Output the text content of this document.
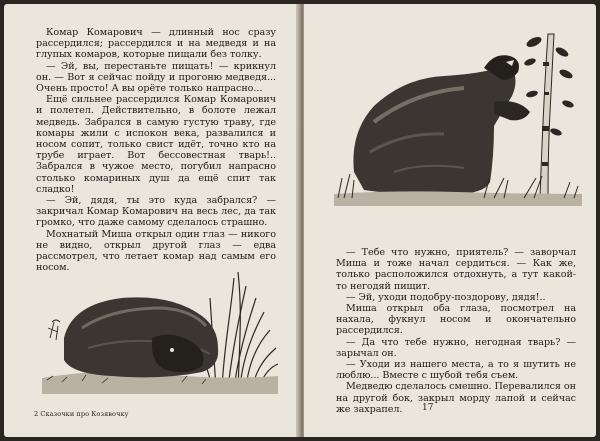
Комар Комарович — длинный нос сразу рассердился; рассердился и на медведя и на глупых комаров, которые пищали без толку.

— Эй, вы, перестаньте пищать! — крикнул он. — Вот я сейчас пойду и прогоню медведя... Очень просто! А вы орёте только напрасно...

Ещё сильнее рассердился Комар Комарович и полетел. Действительно, в болоте лежал медведь. Забрался в самую густую траву, где комары жили с испокон века, развалился и носом сопит, только свист идёт, точно кто на трубе играет. Вот бессовестная тварь!.. Забрался в чужое место, погубил напрасно столько комариных душ да ещё спит так сладко!

— Эй, дядя, ты это куда забрался? — закричал Комар Комарович на весь лес, да так громко, что даже самому сделалось страшно.

Мохнатый Миша открыл один глаз — никого не видно, открыл другой глаз — едва рассмотрел, что летает комар над самым его носом.

2 Сказочки про Козявочку

— Тебе что нужно, приятель? — заворчал Миша и тоже начал сердиться. — Как же, только расположился отдохнуть, а тут какой-то негодяй пищит.

— Эй, уходи подобру-поздорову, дядя!..

Миша открыл оба глаза, посмотрел на нахала, фукнул носом и окончательно рассердился.

— Да что тебе нужно, негодная тварь? — зарычал он.

— Уходи из нашего места, а то я шутить не люблю... Вместе с шубой тебя съем.

Медведю сделалось смешно. Перевалился он на другой бок, закрыл морду лапой и сейчас же захрапел.	17
